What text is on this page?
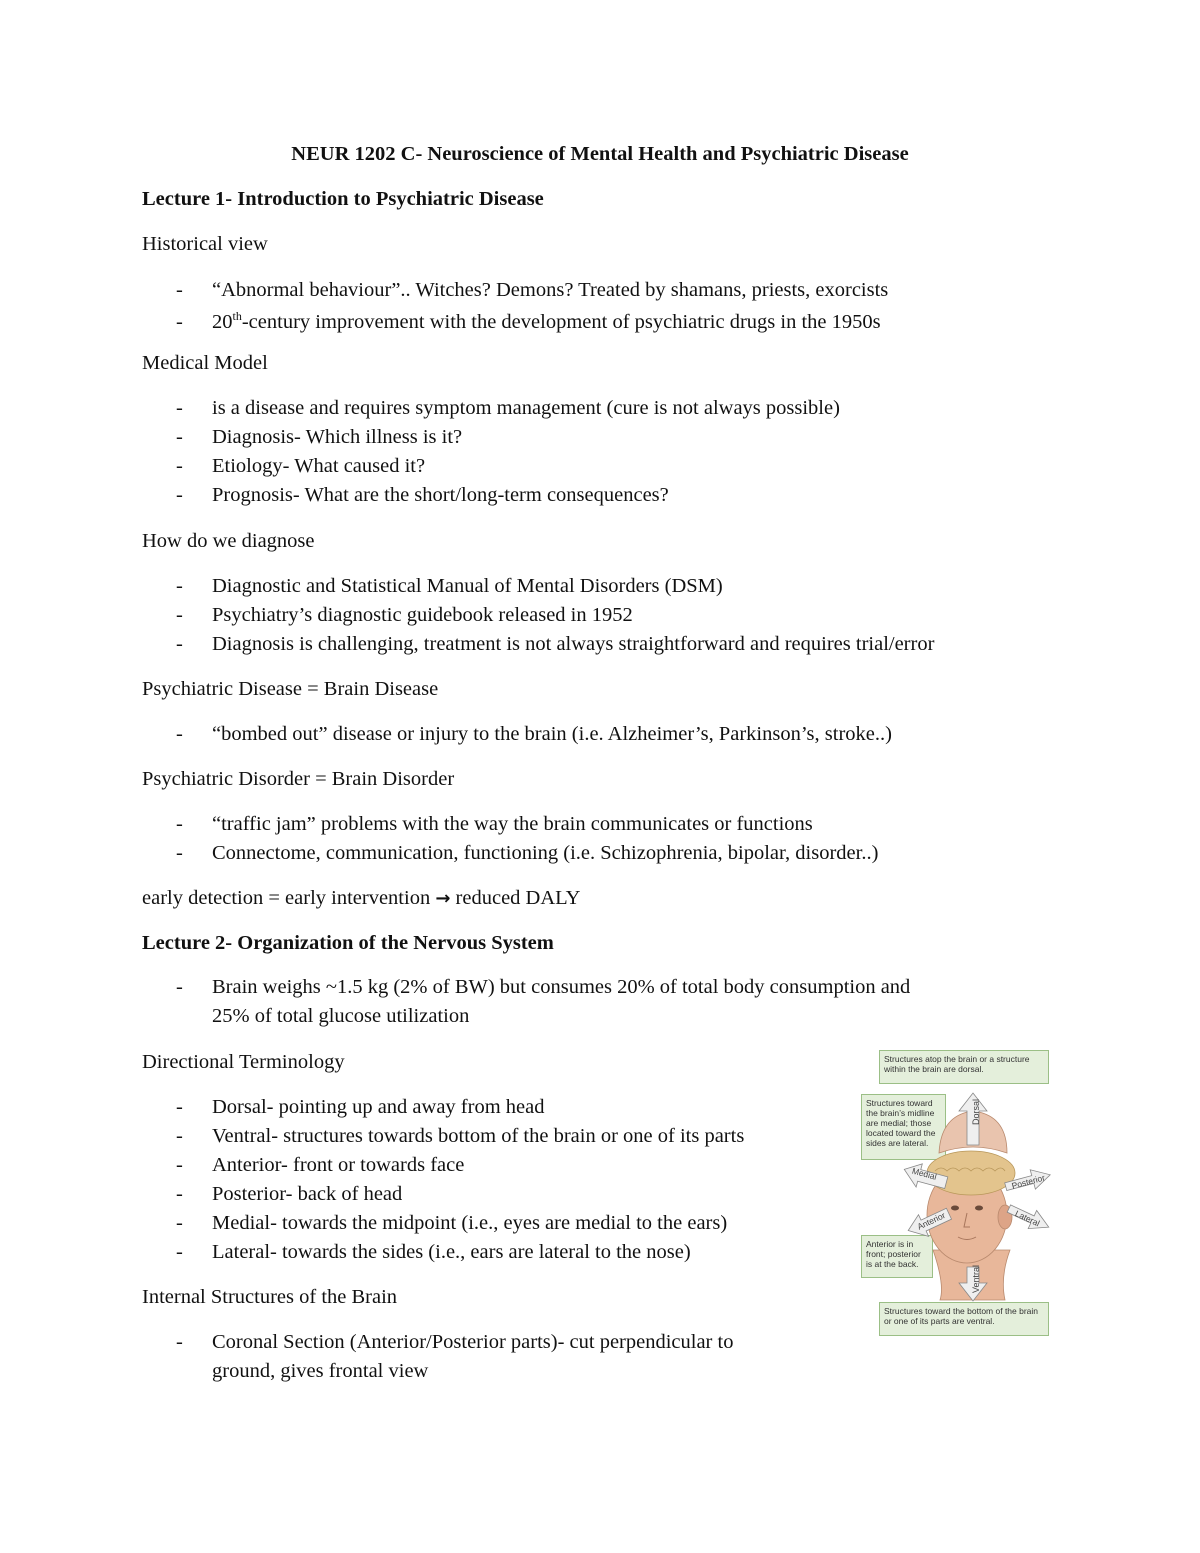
NEUR 1202 C- Neuroscience of Mental Health and Psychiatric Disease

Lecture 1- Introduction to Psychiatric Disease

Historical view

- “Abnormal behaviour”.. Witches? Demons? Treated by shamans, priests, exorcists

- 20th-century improvement with the development of psychiatric drugs in the 1950s

Medical Model

- is a disease and requires symptom management (cure is not always possible)

- Diagnosis- Which illness is it?

- Etiology- What caused it?

- Prognosis- What are the short/long-term consequences?

How do we diagnose

- Diagnostic and Statistical Manual of Mental Disorders (DSM)

- Psychiatry’s diagnostic guidebook released in 1952

- Diagnosis is challenging, treatment is not always straightforward and requires trial/error

Psychiatric Disease = Brain Disease

- “bombed out” disease or injury to the brain (i.e. Alzheimer’s, Parkinson’s, stroke..)

Psychiatric Disorder = Brain Disorder

- “traffic jam” problems with the way the brain communicates or functions

- Connectome, communication, functioning (i.e. Schizophrenia, bipolar, disorder..)

early detection = early intervention → reduced DALY

Lecture 2- Organization of the Nervous System

- Brain weighs ~1.5 kg (2% of BW) but consumes 20% of total body consumption and
25% of total glucose utilization

Directional Terminology

- Dorsal- pointing up and away from head

- Ventral- structures towards bottom of the brain or one of its parts

- Anterior- front or towards face

- Posterior- back of head

- Medial- towards the midpoint (i.e., eyes are medial to the ears)

- Lateral- towards the sides (i.e., ears are lateral to the nose)

Internal Structures of the Brain

- Coronal Section (Anterior/Posterior parts)- cut perpendicular to
ground, gives frontal view

Structures atop the brain or a structure within the brain are dorsal.
Structures toward the brain’s midline are medial; those located toward the sides are lateral.
Anterior is in front; posterior is at the back.
Structures toward the bottom of the brain or one of its parts are ventral.
Dorsal
Ventral
Medial
Anterior
Posterior
Lateral
